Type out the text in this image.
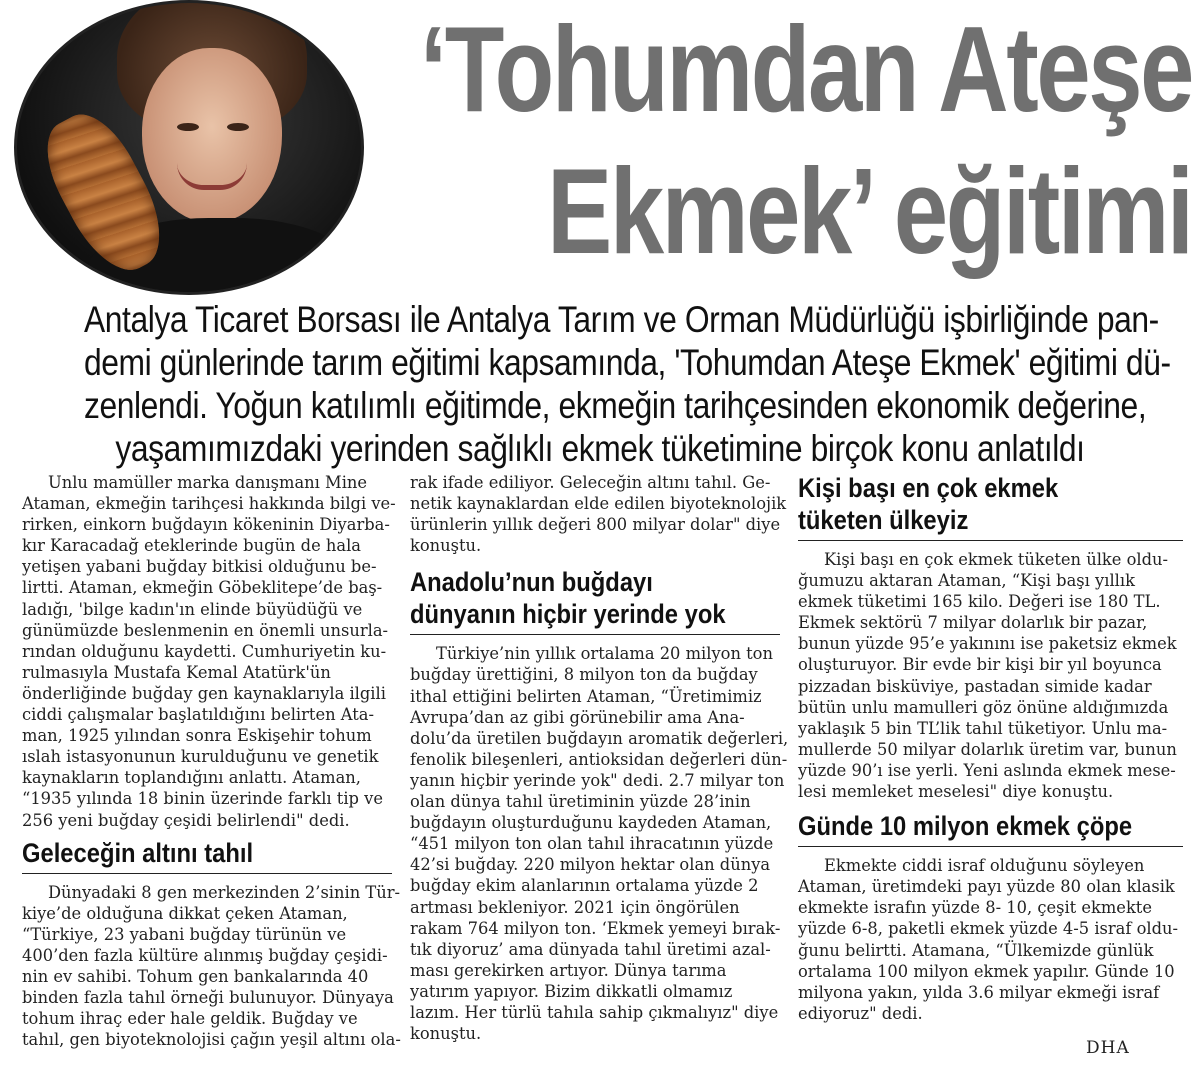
‘Tohumdan Ateşe
Ekmek’ eğitimi
Antalya Ticaret Borsası ile Antalya Tarım ve Orman Müdürlüğü işbirliğinde pan-
demi günlerinde tarım eğitimi kapsamında, 'Tohumdan Ateşe Ekmek' eğitimi dü-
zenlendi. Yoğun katılımlı eğitimde, ekmeğin tarihçesinden ekonomik değerine,
yaşamımızdaki yerinden sağlıklı ekmek tüketimine birçok konu anlatıldı
Unlu mamüller marka danışmanı Mine
Ataman, ekmeğin tarihçesi hakkında bilgi ve-
rirken, einkorn buğdayın kökeninin Diyarba-
kır Karacadağ eteklerinde bugün de hala
yetişen yabani buğday bitkisi olduğunu be-
lirtti. Ataman, ekmeğin Göbeklitepe’de baş-
ladığı, 'bilge kadın'ın elinde büyüdüğü ve
günümüzde beslenmenin en önemli unsurla-
rından olduğunu kaydetti. Cumhuriyetin ku-
rulmasıyla Mustafa Kemal Atatürk'ün
önderliğinde buğday gen kaynaklarıyla ilgili
ciddi çalışmalar başlatıldığını belirten Ata-
man, 1925 yılından sonra Eskişehir tohum
ıslah istasyonunun kurulduğunu ve genetik
kaynakların toplandığını anlattı. Ataman,
“1935 yılında 18 binin üzerinde farklı tip ve
256 yeni buğday çeşidi belirlendi" dedi.
Geleceğin altını tahıl
Dünyadaki 8 gen merkezinden 2’sinin Tür-
kiye’de olduğuna dikkat çeken Ataman,
“Türkiye, 23 yabani buğday türünün ve
400’den fazla kültüre alınmış buğday çeşidi-
nin ev sahibi. Tohum gen bankalarında 40
binden fazla tahıl örneği bulunuyor. Dünyaya
tohum ihraç eder hale geldik. Buğday ve
tahıl, gen biyoteknolojisi çağın yeşil altını ola-
rak ifade ediliyor. Geleceğin altını tahıl. Ge-
netik kaynaklardan elde edilen biyoteknolojik
ürünlerin yıllık değeri 800 milyar dolar" diye
konuştu.
Anadolu’nun buğdayı
dünyanın hiçbir yerinde yok
Türkiye’nin yıllık ortalama 20 milyon ton
buğday ürettiğini, 8 milyon ton da buğday
ithal ettiğini belirten Ataman, “Üretimimiz
Avrupa’dan az gibi görünebilir ama Ana-
dolu’da üretilen buğdayın aromatik değerleri,
fenolik bileşenleri, antioksidan değerleri dün-
yanın hiçbir yerinde yok" dedi. 2.7 milyar ton
olan dünya tahıl üretiminin yüzde 28’inin
buğdayın oluşturduğunu kaydeden Ataman,
“451 milyon ton olan tahıl ihracatının yüzde
42’si buğday. 220 milyon hektar olan dünya
buğday ekim alanlarının ortalama yüzde 2
artması bekleniyor. 2021 için öngörülen
rakam 764 milyon ton. ‘Ekmek yemeyi bırak-
tık diyoruz’ ama dünyada tahıl üretimi azal-
ması gerekirken artıyor. Dünya tarıma
yatırım yapıyor. Bizim dikkatli olmamız
lazım. Her türlü tahıla sahip çıkmalıyız" diye
konuştu.
Kişi başı en çok ekmek
tüketen ülkeyiz
Kişi başı en çok ekmek tüketen ülke oldu-
ğumuzu aktaran Ataman, “Kişi başı yıllık
ekmek tüketimi 165 kilo. Değeri ise 180 TL.
Ekmek sektörü 7 milyar dolarlık bir pazar,
bunun yüzde 95’e yakınını ise paketsiz ekmek
oluşturuyor. Bir evde bir kişi bir yıl boyunca
pizzadan bisküviye, pastadan simide kadar
bütün unlu mamulleri göz önüne aldığımızda
yaklaşık 5 bin TL’lik tahıl tüketiyor. Unlu ma-
mullerde 50 milyar dolarlık üretim var, bunun
yüzde 90’ı ise yerli. Yeni aslında ekmek mese-
lesi memleket meselesi" diye konuştu.
Günde 10 milyon ekmek çöpe
Ekmekte ciddi israf olduğunu söyleyen
Ataman, üretimdeki payı yüzde 80 olan klasik
ekmekte israfın yüzde 8- 10, çeşit ekmekte
yüzde 6-8, paketli ekmek yüzde 4-5 israf oldu-
ğunu belirtti. Atamana, “Ülkemizde günlük
ortalama 100 milyon ekmek yapılır. Günde 10
milyona yakın, yılda 3.6 milyar ekmeği israf
ediyoruz" dedi.
DHA
